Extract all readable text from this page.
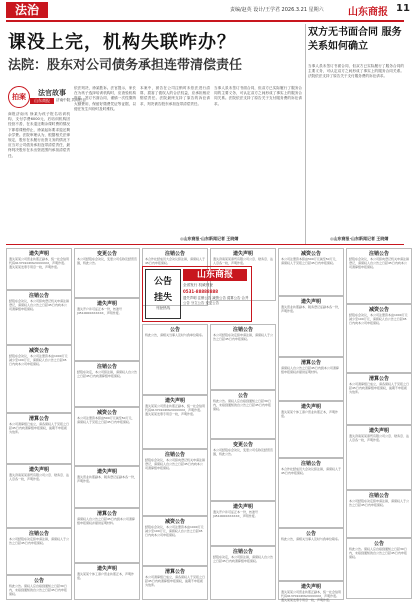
法治	责编/赵英 设计/王学君 2026.3.21 星期六 山东商报 11
课没上完，机构失联咋办？
法院：股东对公司债务承担连带清偿责任
双方无书面合同 服务关系如何确立
拍案	法官故事
山东商报	济南中院 共同栏目
商报济南讯 徐某为孩子报名培训机构，支付学费6000元，后培训机构因经营不善，在未退还剩余课时费的情况下即将课程停止，徐某起诉要求退还剩余学费。法院审理认为，根据相关法律规定，股东在未履行出资义务的情况下应当对公司债务承担连带清偿责任，最终判决股东在未出资范围内承担清偿责任。
依法判决，徐某胜诉。法官提示，家长在为孩子选择培训机构时，应查验机构资质，签订书面合同，谨慎一次性缴纳大额费用，保留好缴费凭证等证据，以便在发生纠纷时及时维权。
本案中，被告在公司注销时未依法进行清算，损害了债权人的合法权益，应承担相应赔偿责任。法院最终支持了原告的诉讼请求，判决被告股东承担连带清偿责任。
当事人虽未签订书面合同，但双方已实际履行了服务合同的主要义务，可认定双方之间形成了事实上的服务合同关系。法院依法支持了原告关于支付服务费的诉讼请求。
当事人虽未签订书面合同，但双方已实际履行了服务合同的主要义务，可认定双方之间形成了事实上的服务合同关系。法院依法支持了原告关于支付服务费的诉讼请求。
◎山东商报·山东新闻记者 王晓婧	◎山东商报·山东新闻记者 王晓婧
遗失声明
遗失某某公司营业执照正副本，统一社会信用代码91370102MA3XXXXXX，声明作废。遗失某某发票专用章一枚，声明作废。
注销公告
经股东会决议，本公司拟向登记机关申请注销登记，请债权人自公告之日起45日内向本公司清算组申报债权。
减资公告
经股东会决议，本公司注册资本由1000万元减少至100万元，请债权人自公告之日起45日内向本公司申报债权。
清算公告
本公司清算组已成立，请各债权人于见报之日起45日内向清算组申报债权，逾期不申报视为放弃。
遗失声明
遗失济南某某商贸有限公司公章、财务章、法人章各一枚，声明作废。
注销公告
本公司经股东决定拟申请注销，请债权人于公告之日起45日内申报债权。
公告
特此公告。债权人应自接到通知之日起30日内，未接到通知的自公告之日起45日内申报债权。
变更公告
本公司经股东会决议，变更公司名称及经营范围，特此公告。
遗失声明
遗失开户许可证正本一份，核准号J4510000XXXXXX，声明作废。
注销公告
经股东决定，本公司拟注销，请债权人自公告之日起45日内向清算组申报债权。
减资公告
本公司注册资本拟由500万元减至50万元，请债权人于见报之日起45日内申报债权。
遗失声明
遗失营业执照副本、税务登记证副本各一份，声明作废。
清算公告
请债权人自公告之日起45日内到本公司清算组申报债权并提供证明材料。
遗失声明
遗失某某个体工商户营业执照正本，声明作废。
注销公告
本合作社经成员大会决议拟注销，请债权人于45日内申报债权。
公告
特此公告，请相关当事人及时与我单位联系。
遗失声明
遗失某某公司营业执照正副本，统一社会信用代码91370102MA3XXXXXX，声明作废。遗失某某发票专用章一枚，声明作废。
注销公告
经股东会决议，本公司拟向登记机关申请注销登记，请债权人自公告之日起45日内向本公司清算组申报债权。
减资公告
经股东会决议，本公司注册资本由1000万元减少至100万元，请债权人自公告之日起45日内向本公司申报债权。
清算公告
本公司清算组已成立，请各债权人于见报之日起45日内向清算组申报债权，逾期不申报视为放弃。
遗失声明
遗失济南某某商贸有限公司公章、财务章、法人章各一枚，声明作废。
注销公告
本公司经股东决定拟申请注销，请债权人于公告之日起45日内申报债权。
公告
特此公告。债权人应自接到通知之日起30日内，未接到通知的自公告之日起45日内申报债权。
变更公告
本公司经股东会决议，变更公司名称及经营范围，特此公告。
遗失声明
遗失开户许可证正本一份，核准号J4510000XXXXXX，声明作废。
注销公告
经股东决定，本公司拟注销，请债权人自公告之日起45日内向清算组申报债权。
减资公告
本公司注册资本拟由500万元减至50万元，请债权人于见报之日起45日内申报债权。
遗失声明
遗失营业执照副本、税务登记证副本各一份，声明作废。
清算公告
请债权人自公告之日起45日内到本公司清算组申报债权并提供证明材料。
遗失声明
遗失某某个体工商户营业执照正本，声明作废。
注销公告
本合作社经成员大会决议拟注销，请债权人于45日内申报债权。
公告
特此公告，请相关当事人及时与我单位联系。
遗失声明
遗失某某公司营业执照正副本，统一社会信用代码91370102MA3XXXXXX，声明作废。遗失某某发票专用章一枚，声明作废。
注销公告
经股东会决议，本公司拟向登记机关申请注销登记，请债权人自公告之日起45日内向本公司清算组申报债权。
减资公告
经股东会决议，本公司注册资本由1000万元减少至100万元，请债权人自公告之日起45日内向本公司申报债权。
清算公告
本公司清算组已成立，请各债权人于见报之日起45日内向清算组申报债权，逾期不申报视为放弃。
遗失声明
遗失济南某某商贸有限公司公章、财务章、法人章各一枚，声明作废。
注销公告
本公司经股东决定拟申请注销，请债权人于公告之日起45日内申报债权。
公告
特此公告。债权人应自接到通知之日起30日内，未接到通知的自公告之日起45日内申报债权。
公告
挂失
刊登热线
山东商报
全省发行 权威刊登
0531-88888888
遗失声明 注销公告 减资公告 清算公告 合并公告 分立公告 变更公告
